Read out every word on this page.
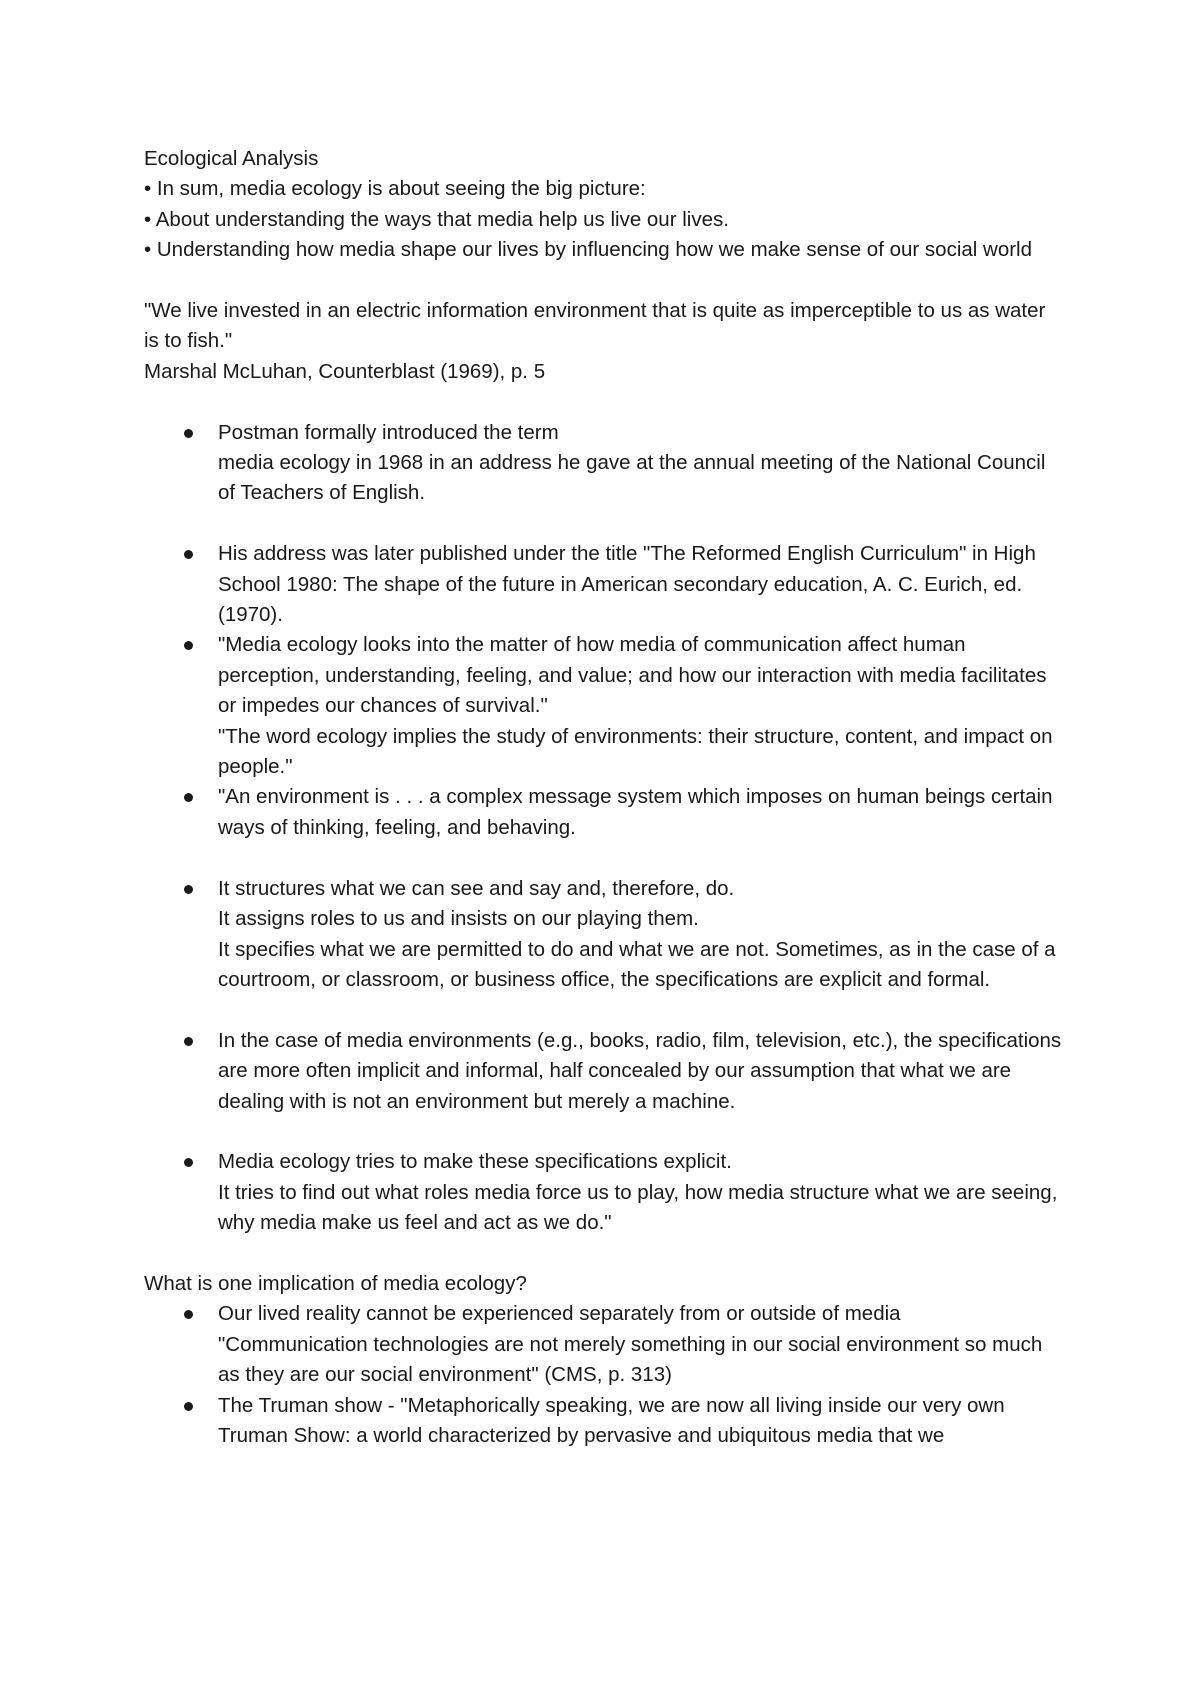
Ecological Analysis

• In sum, media ecology is about seeing the big picture:

• About understanding the ways that media help us live our lives.

• Understanding how media shape our lives by influencing how we make sense of our social world

"We live invested in an electric information environment that is quite as imperceptible to us as water is to fish."

Marshal McLuhan, Counterblast (1969), p. 5

Postman formally introduced the term

media ecology in 1968 in an address he gave at the annual meeting of the National Council of Teachers of English.

His address was later published under the title "The Reformed English Curriculum" in High School 1980: The shape of the future in American secondary education, A. C. Eurich, ed. (1970).

"Media ecology looks into the matter of how media of communication affect human perception, understanding, feeling, and value; and how our interaction with media facilitates or impedes our chances of survival."

"The word ecology implies the study of environments: their structure, content, and impact on people."

"An environment is . . . a complex message system which imposes on human beings certain ways of thinking, feeling, and behaving.

It structures what we can see and say and, therefore, do.

It assigns roles to us and insists on our playing them.

It specifies what we are permitted to do and what we are not. Sometimes, as in the case of a courtroom, or classroom, or business office, the specifications are explicit and formal.

In the case of media environments (e.g., books, radio, film, television, etc.), the specifications are more often implicit and informal, half concealed by our assumption that what we are dealing with is not an environment but merely a machine.

Media ecology tries to make these specifications explicit.

It tries to find out what roles media force us to play, how media structure what we are seeing, why media make us feel and act as we do."

What is one implication of media ecology?

Our lived reality cannot be experienced separately from or outside of media

"Communication technologies are not merely something in our social environment so much as they are our social environment" (CMS, p. 313)

The Truman show - "Metaphorically speaking, we are now all living inside our very own Truman Show: a world characterized by pervasive and ubiquitous media that we
